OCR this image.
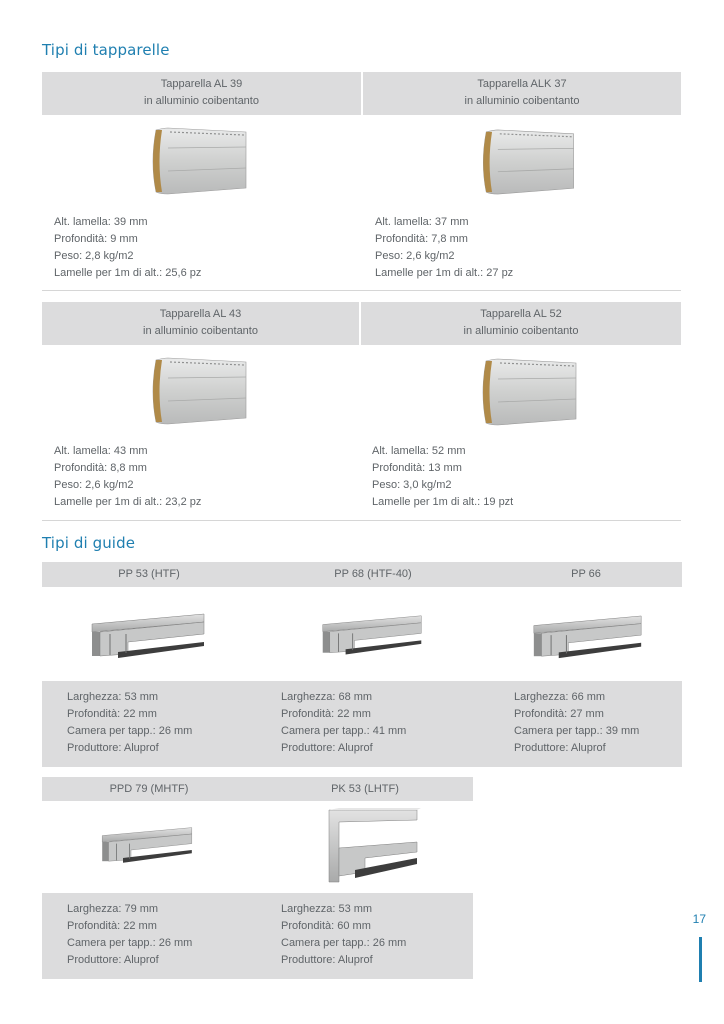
Tipi di tapparelle
Tapparella AL 39
in alluminio coibentanto
Alt. lamella: 39 mm
Profondità: 9 mm
Peso: 2,8 kg/m2
Lamelle per 1m di alt.: 25,6 pz
Tapparella ALK 37
in alluminio coibentanto
Alt. lamella: 37 mm
Profondità: 7,8 mm
Peso: 2,6 kg/m2
Lamelle per 1m di alt.: 27 pz
Tapparella AL 43
in alluminio coibentanto
Alt. lamella: 43 mm
Profondità: 8,8 mm
Peso: 2,6 kg/m2
Lamelle per 1m di alt.: 23,2 pz
Tapparella AL 52
in alluminio coibentanto
Alt. lamella: 52 mm
Profondità: 13 mm
Peso: 3,0 kg/m2
Lamelle per 1m di alt.: 19 pzt
Tipi di guide
PP 53 (HTF)	PP 68 (HTF-40)	PP 66
Larghezza: 53 mm
Profondità: 22 mm
Camera per tapp.: 26 mm
Produttore: Aluprof
Larghezza: 68 mm
Profondità: 22 mm
Camera per tapp.: 41 mm
Produttore: Aluprof
Larghezza: 66 mm
Profondità: 27 mm
Camera per tapp.: 39 mm
Produttore: Aluprof
PPD 79 (MHTF)	PK 53 (LHTF)
Larghezza: 79 mm
Profondità: 22 mm
Camera per tapp.: 26 mm
Produttore: Aluprof
Larghezza: 53 mm
Profondità: 60 mm
Camera per tapp.: 26 mm
Produttore: Aluprof
17
